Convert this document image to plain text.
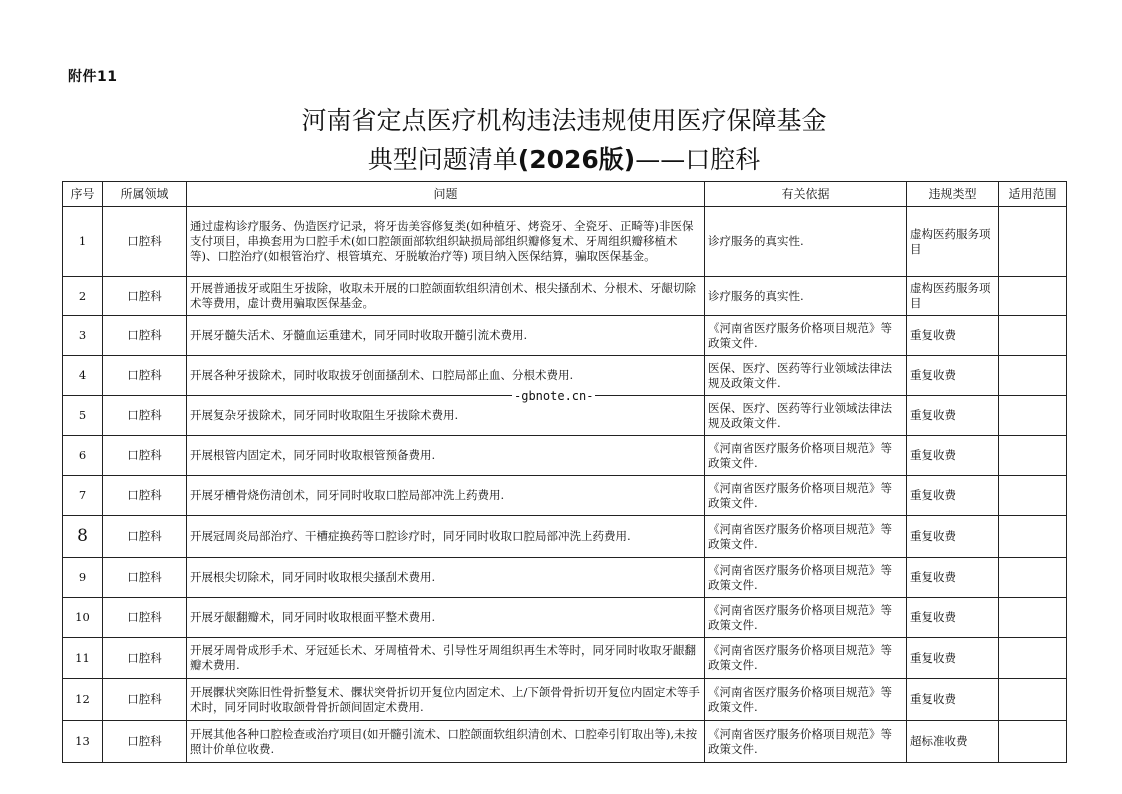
附件11
河南省定点医疗机构违法违规使用医疗保障基金
典型问题清单(2026版)——口腔科
序号	所属领域	问题	有关依据	违规类型	适用范围
1	口腔科	通过虚构诊疗服务、伪造医疗记录，将牙齿美容修复类(如种植牙、烤瓷牙、全瓷牙、正畸等)非医保支付项目，串换套用为口腔手术(如口腔颌面部软组织缺损局部组织瓣修复术、牙周组织瓣移植术等)、口腔治疗(如根管治疗、根管填充、牙脱敏治疗等) 项目纳入医保结算，骗取医保基金。	诊疗服务的真实性.	虚构医药服务项目	
2	口腔科	开展普通拔牙或阻生牙拔除，收取未开展的口腔颌面软组织清创术、根尖搔刮术、分根术、牙龈切除术等费用，虚计费用骗取医保基金。	诊疗服务的真实性.	虚构医药服务项目	
3	口腔科	开展牙髓失活术、牙髓血运重建术，同牙同时收取开髓引流术费用.	《河南省医疗服务价格项目规范》等政策文件.	重复收费	
4	口腔科	开展各种牙拔除术，同时收取拔牙创面搔刮术、口腔局部止血、分根术费用.	医保、医疗、医药等行业领域法律法规及政策文件.	重复收费	
5	口腔科	开展复杂牙拔除术，同牙同时收取阻生牙拔除术费用.	医保、医疗、医药等行业领域法律法规及政策文件.	重复收费	
6	口腔科	开展根管内固定术，同牙同时收取根管预备费用.	《河南省医疗服务价格项目规范》等政策文件.	重复收费	
7	口腔科	开展牙槽骨烧伤清创术，同牙同时收取口腔局部冲洗上药费用.	《河南省医疗服务价格项目规范》等政策文件.	重复收费	
8	口腔科	开展冠周炎局部治疗、干槽症换药等口腔诊疗时，同牙同时收取口腔局部冲洗上药费用.	《河南省医疗服务价格项目规范》等政策文件.	重复收费	
9	口腔科	开展根尖切除术，同牙同时收取根尖搔刮术费用.	《河南省医疗服务价格项目规范》等政策文件.	重复收费	
10	口腔科	开展牙龈翻瓣术，同牙同时收取根面平整术费用.	《河南省医疗服务价格项目规范》等政策文件.	重复收费	
11	口腔科	开展牙周骨成形手术、牙冠延长术、牙周植骨术、引导性牙周组织再生术等时，同牙同时收取牙龈翻瓣术费用.	《河南省医疗服务价格项目规范》等政策文件.	重复收费	
12	口腔科	开展髁状突陈旧性骨折整复术、髁状突骨折切开复位内固定术、上/下颌骨骨折切开复位内固定术等手术时，同牙同时收取颌骨骨折颌间固定术费用.	《河南省医疗服务价格项目规范》等政策文件.	重复收费	
13	口腔科	开展其他各种口腔检查或治疗项目(如开髓引流术、口腔颌面软组织清创术、口腔牵引钉取出等),未按照计价单位收费.	《河南省医疗服务价格项目规范》等政策文件.	超标准收费	
-gbnote.cn-
